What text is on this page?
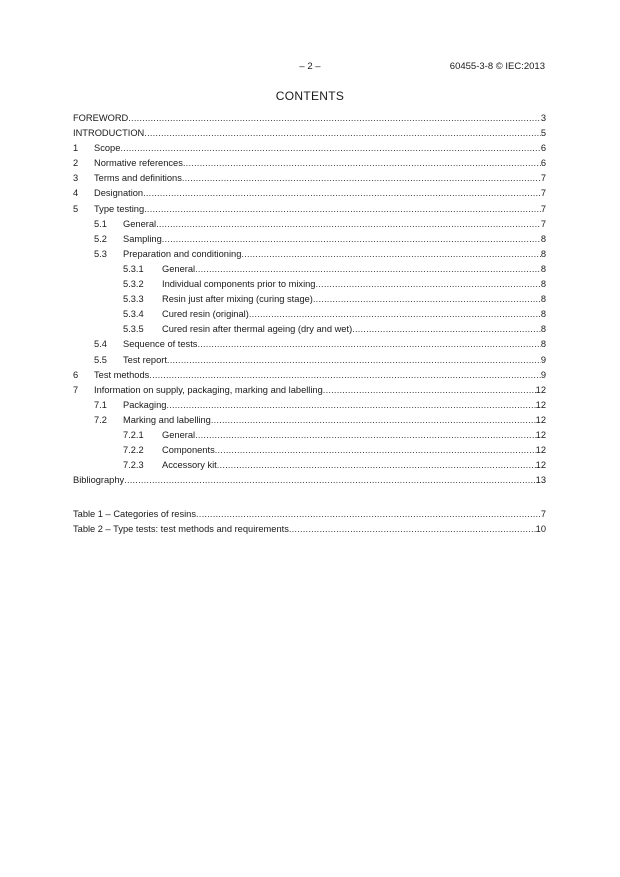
– 2 –	60455-3-8 © IEC:2013
CONTENTS
FOREWORD .....	3
INTRODUCTION .....	5
1	Scope .....	6
2	Normative references .....	6
3	Terms and definitions .....	7
4	Designation .....	7
5	Type testing .....	7
5.1	General .....	7
5.2	Sampling .....	8
5.3	Preparation and conditioning .....	8
5.3.1	General .....	8
5.3.2	Individual components prior to mixing .....	8
5.3.3	Resin just after mixing (curing stage) .....	8
5.3.4	Cured resin (original) .....	8
5.3.5	Cured resin after thermal ageing (dry and wet) .....	8
5.4	Sequence of tests .....	8
5.5	Test report .....	9
6	Test methods .....	9
7	Information on supply, packaging, marking and labelling .....	12
7.1	Packaging .....	12
7.2	Marking and labelling .....	12
7.2.1	General .....	12
7.2.2	Components .....	12
7.2.3	Accessory kit .....	12
Bibliography .....	13
Table 1 – Categories of resins .....	7
Table 2 – Type tests: test methods and requirements .....	10
